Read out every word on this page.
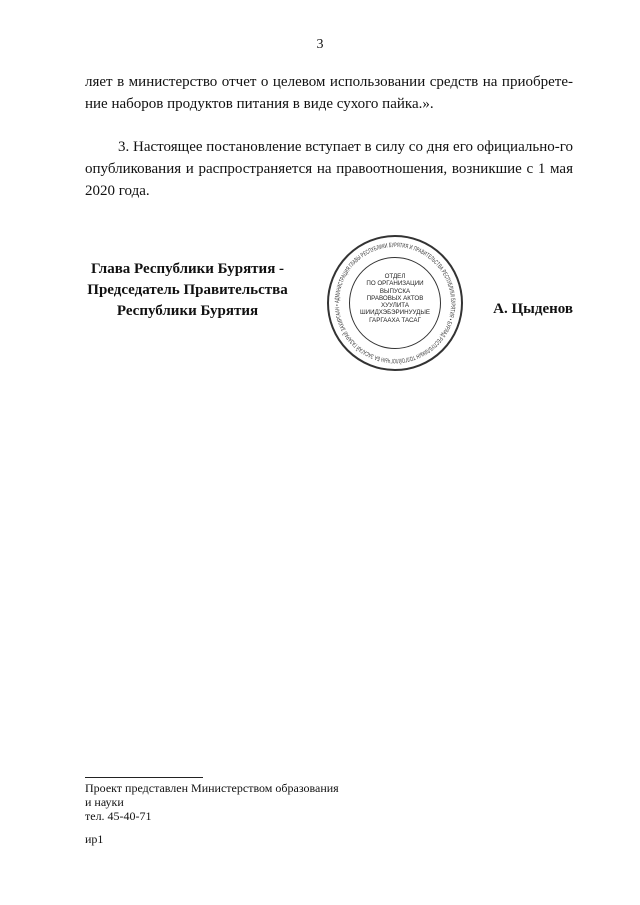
3
ляет в министерство отчет о целевом использовании средств на приобрете-ние наборов продуктов питания в виде сухого пайка.».
3. Настоящее постановление вступает в силу со дня его официально-го опубликования и распространяется на правоотношения, возникшие с 1 мая 2020 года.
Глава Республики Бурятия -
Председатель Правительства
Республики Бурятия
АДМИНИСТРАЦИЯ ГЛАВЫ РЕСПУБЛИКИ БУРЯТИЯ И ПРАВИТЕЛЬСТВА РЕСПУБЛИКИ БУРЯТИЯ • БУРЯАД РЕСПУБЛИКЫН ТОЛГОЙЛОГЧЫН БА ЗАСАГАЙ ГАЗАРАЙ ЗАХИРГААН •
ОТДЕЛ
ПО ОРГАНИЗАЦИИ
ВЫПУСКА
ПРАВОВЫХ АКТОВ
ХУУЛИТА
ШИИДХЭБЭРИНУУДЫЕ
ГАРГААХА ТАСАГ
А. Цыденов
Проект представлен Министерством образования
и науки
тел. 45-40-71
ир1
